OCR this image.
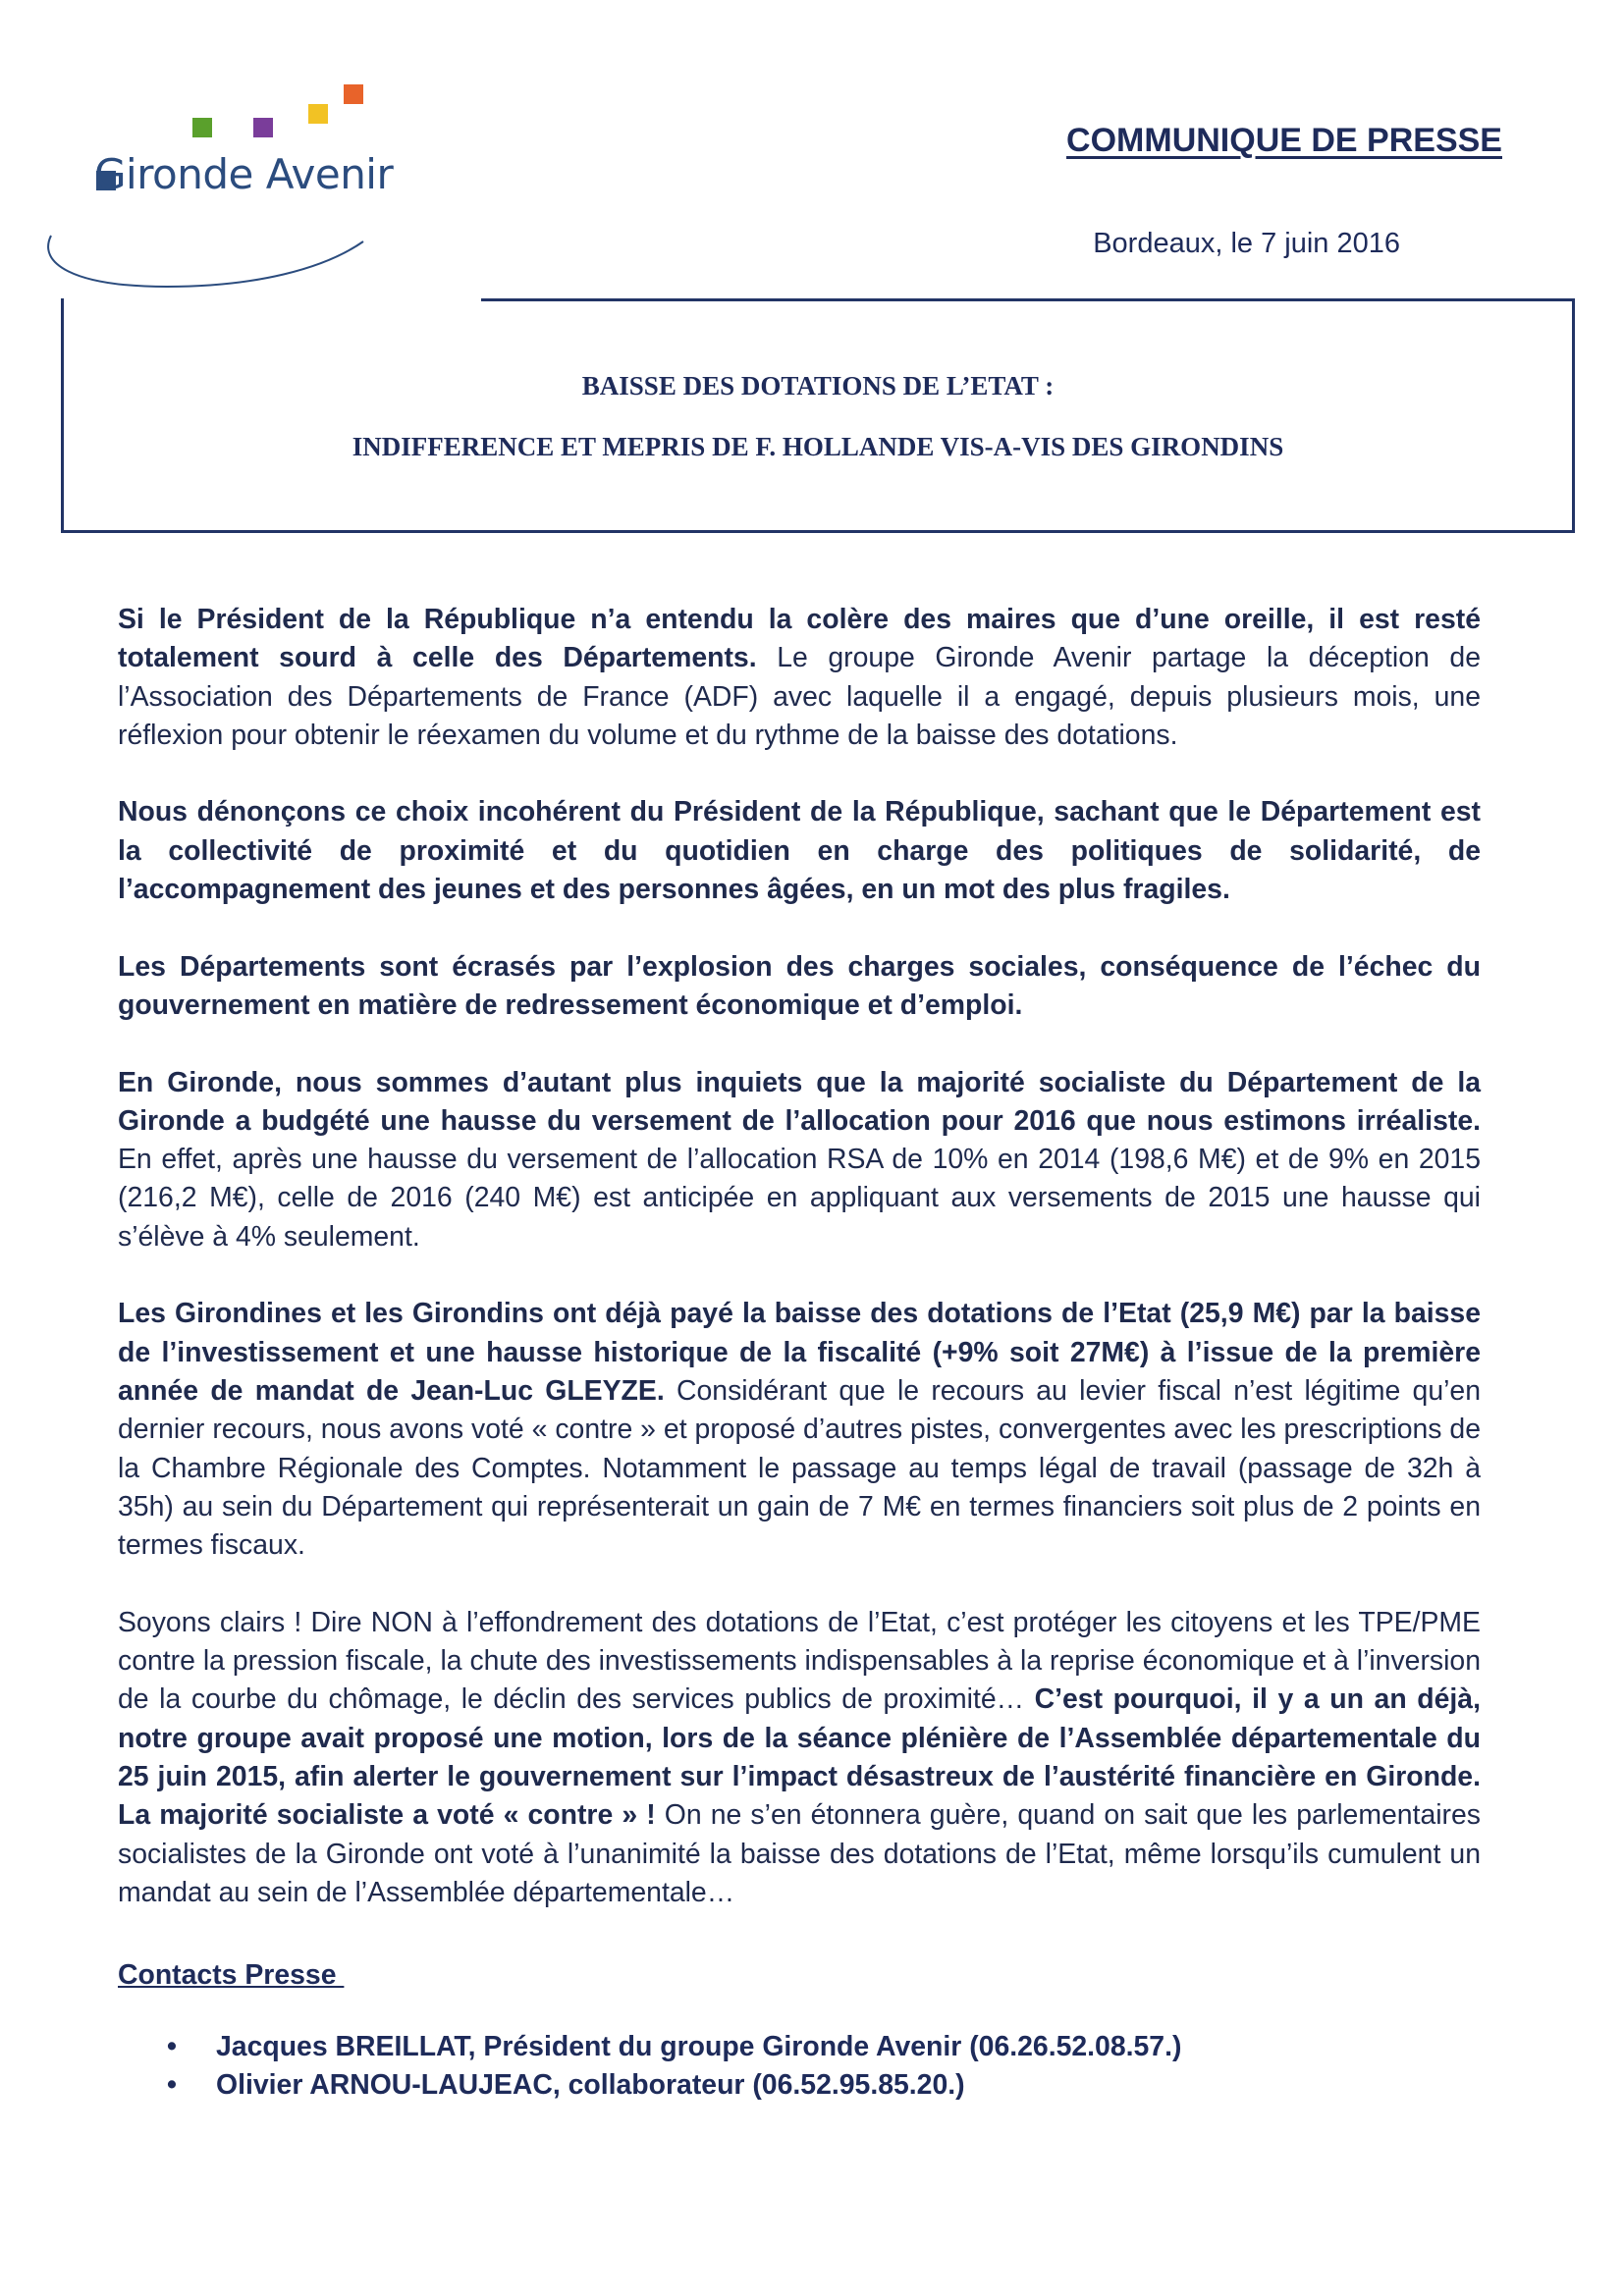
Gironde Avenir
COMMUNIQUE DE PRESSE
Bordeaux, le 7 juin 2016
BAISSE DES DOTATIONS DE L’ETAT :
INDIFFERENCE ET MEPRIS DE F. HOLLANDE VIS-A-VIS DES GIRONDINS

Si le Président de la République n’a entendu la colère des maires que d’une oreille, il est resté totalement sourd à celle des Départements. Le groupe Gironde Avenir partage la déception de l’Association des Départements de France (ADF) avec laquelle il a engagé, depuis plusieurs mois, une réflexion pour obtenir le réexamen du volume et du rythme de la baisse des dotations.

Nous dénonçons ce choix incohérent du Président de la République, sachant que le Département est la collectivité de proximité et du quotidien en charge des politiques de solidarité, de l’accompagnement des jeunes et des personnes âgées, en un mot des plus fragiles.

Les Départements sont écrasés par l’explosion des charges sociales, conséquence de l’échec du gouvernement en matière de redressement économique et d’emploi.

En Gironde, nous sommes d’autant plus inquiets que la majorité socialiste du Département de la Gironde a budgété une hausse du versement de l’allocation pour 2016 que nous estimons irréaliste. En effet, après une hausse du versement de l’allocation RSA de 10% en 2014 (198,6 M€) et de 9% en 2015 (216,2 M€), celle de 2016 (240 M€) est anticipée en appliquant aux versements de 2015 une hausse qui s’élève à 4% seulement.

Les Girondines et les Girondins ont déjà payé la baisse des dotations de l’Etat (25,9 M€) par la baisse de l’investissement et une hausse historique de la fiscalité (+9% soit 27M€) à l’issue de la première année de mandat de Jean-Luc GLEYZE. Considérant que le recours au levier fiscal n’est légitime qu’en dernier recours, nous avons voté « contre » et proposé d’autres pistes, convergentes avec les prescriptions de la Chambre Régionale des Comptes. Notamment le passage au temps légal de travail (passage de 32h à 35h) au sein du Département qui représenterait un gain de 7 M€ en termes financiers soit plus de 2 points en termes fiscaux.

Soyons clairs ! Dire NON à l’effondrement des dotations de l’Etat, c’est protéger les citoyens et les TPE/PME contre la pression fiscale, la chute des investissements indispensables à la reprise économique et à l’inversion de la courbe du chômage, le déclin des services publics de proximité… C’est pourquoi, il y a un an déjà, notre groupe avait proposé une motion, lors de la séance plénière de l’Assemblée départementale du 25 juin 2015, afin alerter le gouvernement sur l’impact désastreux de l’austérité financière en Gironde. La majorité socialiste a voté « contre » ! On ne s’en étonnera guère, quand on sait que les parlementaires socialistes de la Gironde ont voté à l’unanimité la baisse des dotations de l’Etat, même lorsqu’ils cumulent un mandat au sein de l’Assemblée départementale…

Contacts Presse
• Jacques BREILLAT, Président du groupe Gironde Avenir (06.26.52.08.57.)
• Olivier ARNOU-LAUJEAC, collaborateur (06.52.95.85.20.)
